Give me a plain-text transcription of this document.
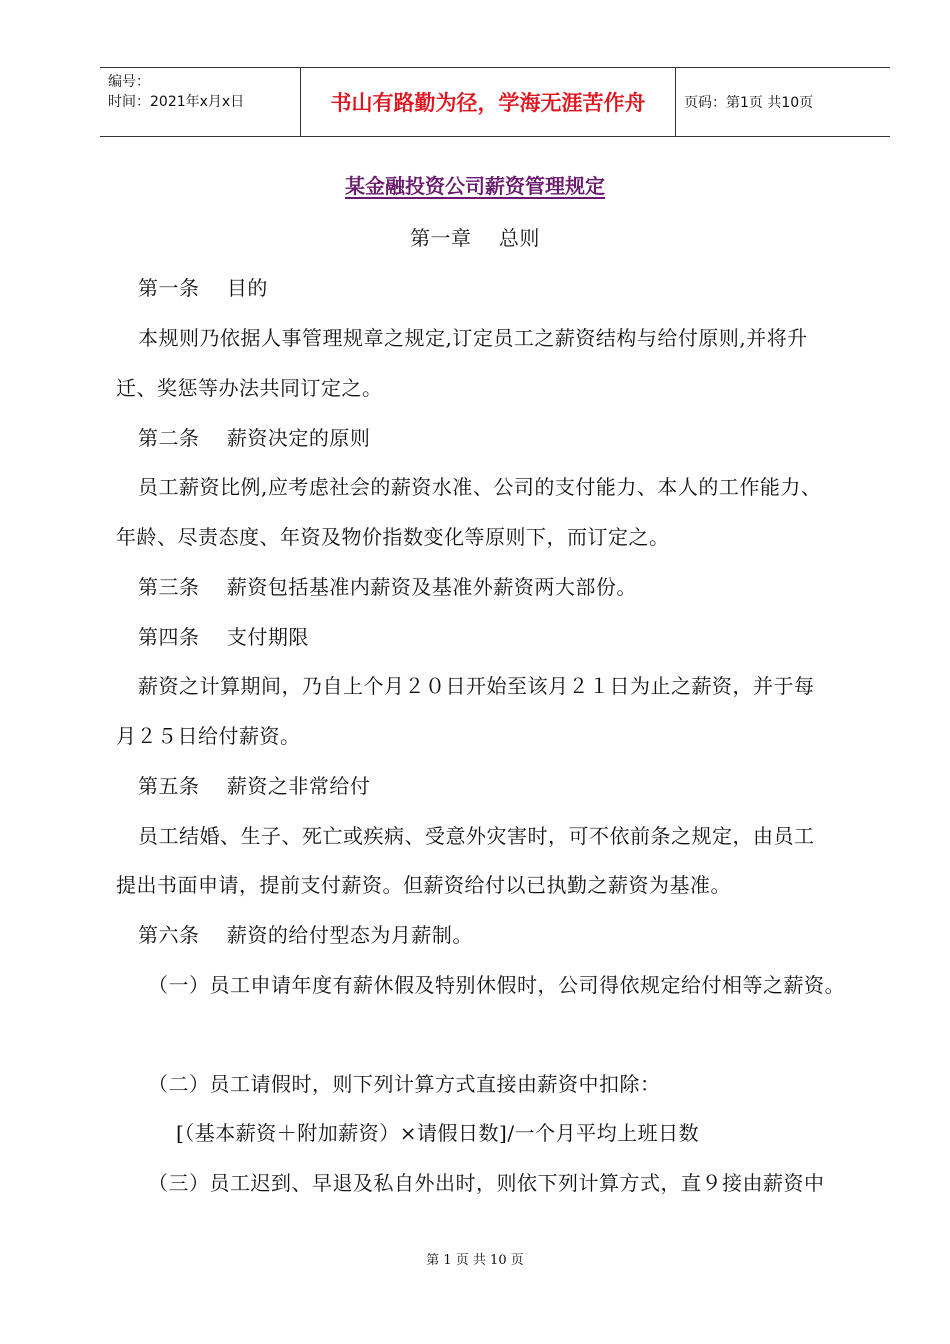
编号：
时间：2021年x月x日	书山有路勤为径，学海无涯苦作舟	页码：第1页 共10页
某金融投资公司薪资管理规定
第一章　 总则
第一条　 目的
本规则乃依据人事管理规章之规定,订定员工之薪资结构与给付原则,并将升
迁、奖惩等办法共同订定之。
第二条　 薪资决定的原则
员工薪资比例,应考虑社会的薪资水准、公司的支付能力、本人的工作能力、
年龄、尽责态度、年资及物价指数变化等原则下，而订定之。
第三条　 薪资包括基准内薪资及基准外薪资两大部份。
第四条　 支付期限
薪资之计算期间，乃自上个月２０日开始至该月２１日为止之薪资，并于每
月２５日给付薪资。
第五条　 薪资之非常给付
员工结婚、生子、死亡或疾病、受意外灾害时，可不依前条之规定，由员工
提出书面申请，提前支付薪资。但薪资给付以已执勤之薪资为基准。
第六条　 薪资的给付型态为月薪制。
（一）员工申请年度有薪休假及特别休假时，公司得依规定给付相等之薪资。
（二）员工请假时，则下列计算方式直接由薪资中扣除：
[（基本薪资＋附加薪资）×请假日数]/一个月平均上班日数
（三）员工迟到、早退及私自外出时，则依下列计算方式，直９接由薪资中
第 1 页 共 10 页
